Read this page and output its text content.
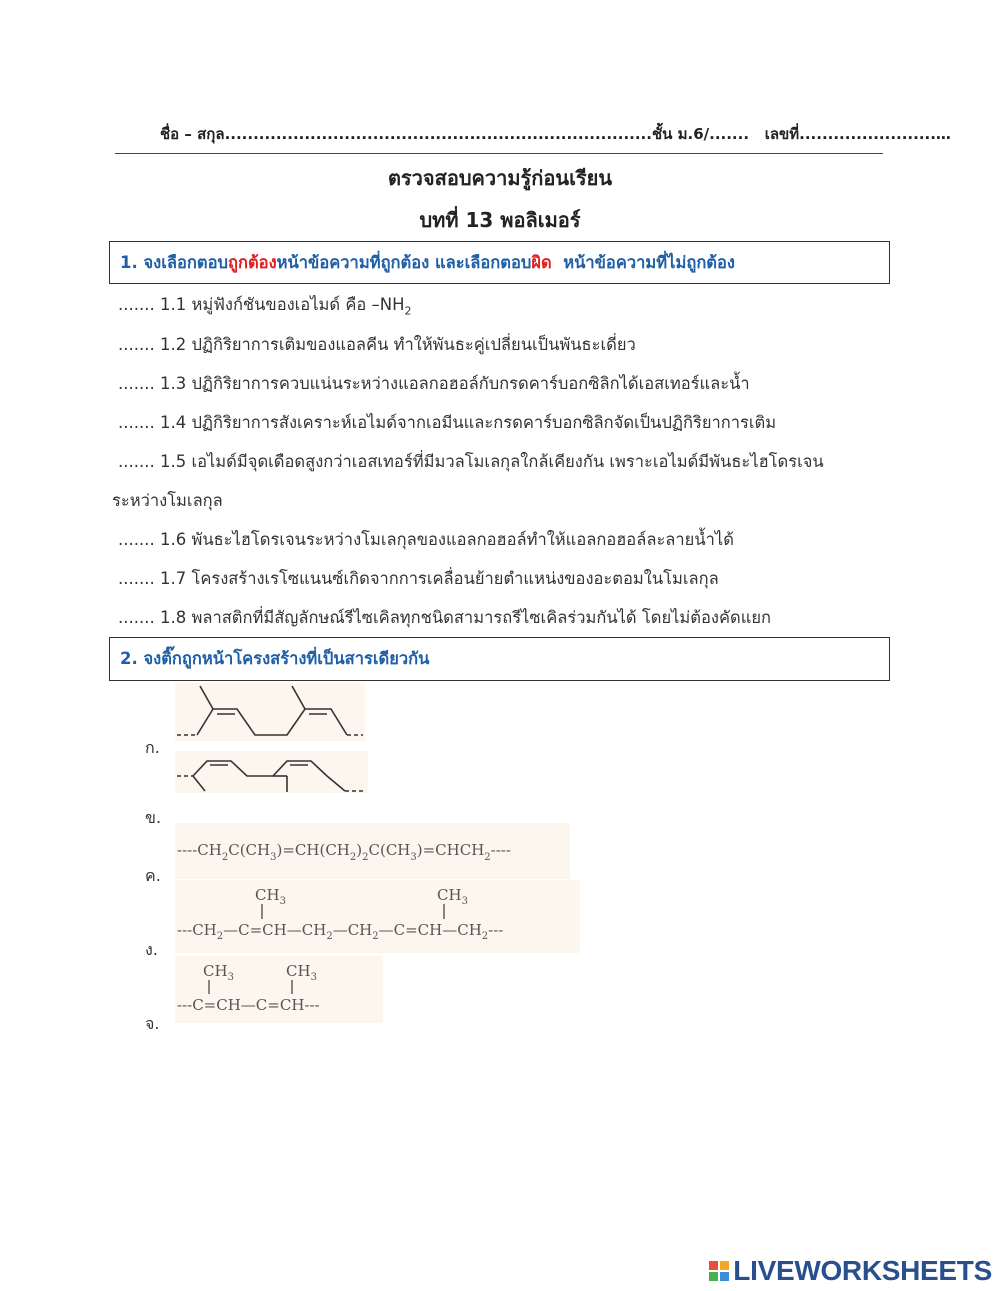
ชื่อ – สกุล...........................................................................ชั้น ม.6/....... เลขที่........................…
ตรวจสอบความรู้ก่อนเรียน
บทที่ 13 พอลิเมอร์
1. จงเลือกตอบ ถูกต้อง หน้าข้อความที่ถูกต้อง และเลือกตอบ ผิด หน้าข้อความที่ไม่ถูกต้อง
....... 1.1 หมู่ฟังก์ชันของเอไมด์ คือ $-NH_2$
....... 1.2 ปฏิกิริยาการเติมของแอลคีน ทำให้พันธะคู่เปลี่ยนเป็นพันธะเดี่ยว
....... 1.3 ปฏิกิริยาการควบแน่นระหว่างแอลกอฮอล์กับกรดคาร์บอกซิลิกได้เอสเทอร์และน้ำ
....... 1.4 ปฏิกิริยาการสังเคราะห์เอไมด์จากเอมีนและกรดคาร์บอกซิลิกจัดเป็นปฏิกิริยาการเติม
....... 1.5 เอไมด์มีจุดเดือดสูงกว่าเอสเทอร์ที่มีมวลโมเลกุลใกล้เคียงกัน เพราะเอไมด์มีพันธะไฮโดรเจน
ระหว่างโมเลกุล
....... 1.6 พันธะไฮโดรเจนระหว่างโมเลกุลของแอลกอฮอล์ทำให้แอลกอฮอล์ละลายน้ำได้
....... 1.7 โครงสร้างเรโซแนนซ์เกิดจากการเคลื่อนย้ายตำแหน่งของอะตอมในโมเลกุล
....... 1.8 พลาสติกที่มีสัญลักษณ์รีไซเคิลทุกชนิดสามารถรีไซเคิลร่วมกันได้ โดยไม่ต้องคัดแยก
2. จงติ๊กถูกหน้าโครงสร้างที่เป็นสารเดียวกัน
ก.
ข.
ค.
ง.
จ.
$----CH_2C(CH_3)=CH(CH_2)_2C(CH_3)=CHCH_2----$
$CH_3$	$CH_3$
$---CH_2—C=CH—CH_2—CH_2—C=CH—CH_2---$
$CH_3$	$CH_3$
---C=CH—C=CH---
LIVEWORKSHEETS
